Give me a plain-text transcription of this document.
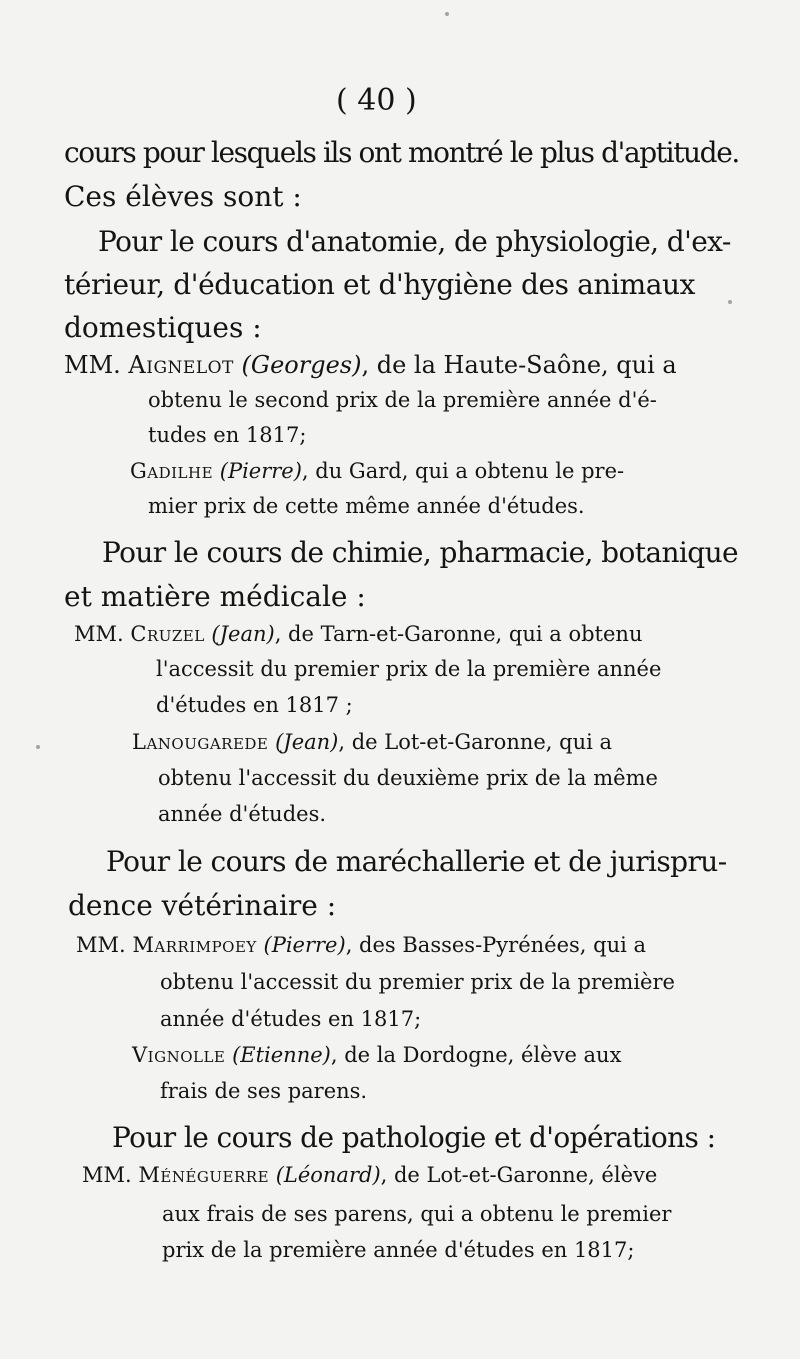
( 40 )
cours pour lesquels ils ont montré le plus d'aptitude.
Ces élèves sont :
Pour le cours d'anatomie, de physiologie, d'ex-
térieur, d'éducation et d'hygiène des animaux
domestiques :
MM. Aignelot (Georges), de la Haute-Saône, qui a
obtenu le second prix de la première année d'é-
tudes en 1817;
Gadilhe (Pierre), du Gard, qui a obtenu le pre-
mier prix de cette même année d'études.
Pour le cours de chimie, pharmacie, botanique
et matière médicale :
MM. Cruzel (Jean), de Tarn-et-Garonne, qui a obtenu
l'accessit du premier prix de la première année
d'études en 1817 ;
Lanougarede (Jean), de Lot-et-Garonne, qui a
obtenu l'accessit du deuxième prix de la même
année d'études.
Pour le cours de maréchallerie et de jurispru-
dence vétérinaire :
MM. Marrimpoey (Pierre), des Basses-Pyrénées, qui a
obtenu l'accessit du premier prix de la première
année d'études en 1817;
Vignolle (Etienne), de la Dordogne, élève aux
frais de ses parens.
Pour le cours de pathologie et d'opérations :
MM. Ménéguerre (Léonard), de Lot-et-Garonne, élève
aux frais de ses parens, qui a obtenu le premier
prix de la première année d'études en 1817;
